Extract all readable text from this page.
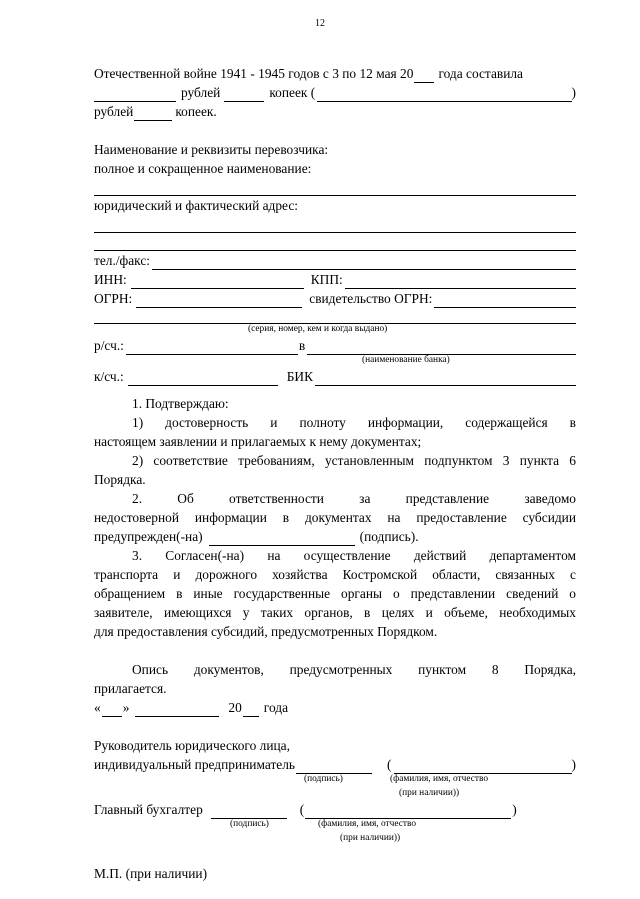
12
Отечественной войне 1941 - 1945 годов с 3 по 12 мая 20 года составила
рублей	копеек (	)
рублей	копеек.
Наименование и реквизиты перевозчика:
полное и сокращенное наименование:
юридический и фактический адрес:
тел./факс:
ИНН:	КПП:
ОГРН:	свидетельство ОГРН:
(серия, номер, кем и когда выдано)
р/сч.:	в
(наименование банка)
к/сч.:	БИК
1. Подтверждаю:
1) достоверность и полноту информации, содержащейся в
настоящем заявлении и прилагаемых к нему документах;
2) соответствие требованиям, установленным подпунктом 3 пункта 6
Порядка.
2. Об ответственности за представление заведомо
недостоверной информации в документах на предоставление субсидии
предупрежден(-на)	(подпись).
3. Согласен(-на) на осуществление действий департаментом
транспорта и дорожного хозяйства Костромской области, связанных с
обращением в иные государственные органы о представлении сведений о
заявителе, имеющихся у таких органов, в целях и объеме, необходимых
для предоставления субсидий, предусмотренных Порядком.
Опись документов, предусмотренных пунктом 8 Порядка,
прилагается.
« »	20 года
Руководитель юридического лица,
индивидуальный предприниматель	(	)
(подпись)	(фамилия, имя, отчество
(при наличии))
Главный бухгалтер	(	)
(подпись)	(фамилия, имя, отчество
(при наличии))
М.П. (при наличии)
